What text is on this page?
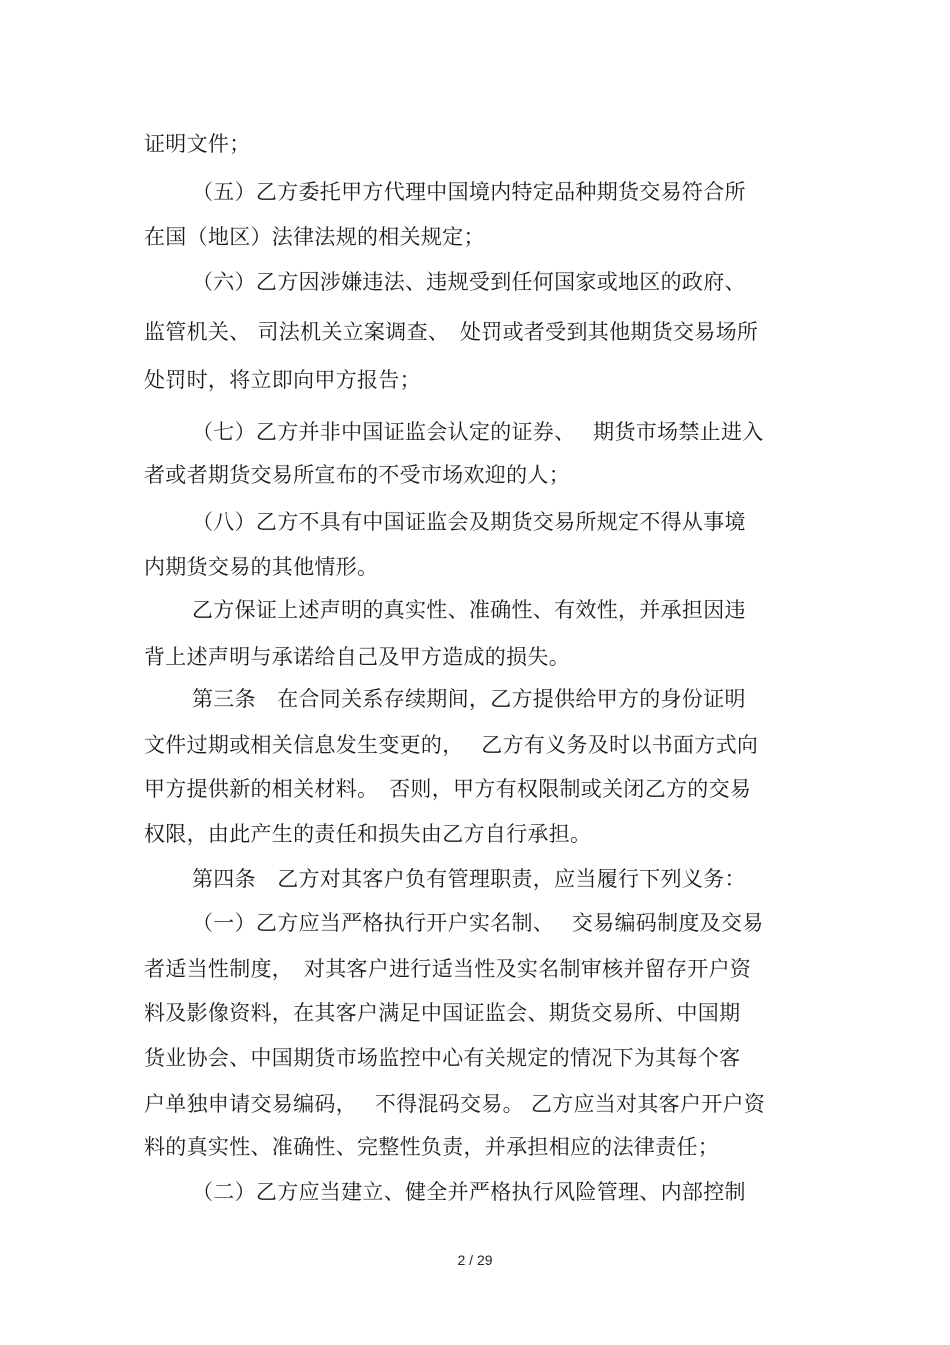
证明文件；
（五）乙方委托甲方代理中国境内特定品种期货交易符合所
在国（地区）法律法规的相关规定；
（六）乙方因涉嫌违法、违规受到任何国家或地区的政府、
监管机关、 司法机关立案调查、　处罚或者受到其他期货交易场所
处罚时，将立即向甲方报告；
（七）乙方并非中国证监会认定的证券、　 期货市场禁止进入
者或者期货交易所宣布的不受市场欢迎的人；
（八）乙方不具有中国证监会及期货交易所规定不得从事境
内期货交易的其他情形。
乙方保证上述声明的真实性、准确性、有效性，并承担因违
背上述声明与承诺给自己及甲方造成的损失。
第三条　在合同关系存续期间，乙方提供给甲方的身份证明
文件过期或相关信息发生变更的，　 乙方有义务及时以书面方式向
甲方提供新的相关材料。　否则，甲方有权限制或关闭乙方的交易
权限，由此产生的责任和损失由乙方自行承担。
第四条　乙方对其客户负有管理职责，应当履行下列义务：
（一）乙方应当严格执行开户实名制、　 交易编码制度及交易
者适当性制度，　对其客户进行适当性及实名制审核并留存开户资
料及影像资料，在其客户满足中国证监会、期货交易所、中国期
货业协会、中国期货市场监控中心有关规定的情况下为其每个客
户单独申请交易编码，　 不得混码交易。 乙方应当对其客户开户资
料的真实性、准确性、完整性负责，并承担相应的法律责任；
（二）乙方应当建立、健全并严格执行风险管理、内部控制
2 / 29
